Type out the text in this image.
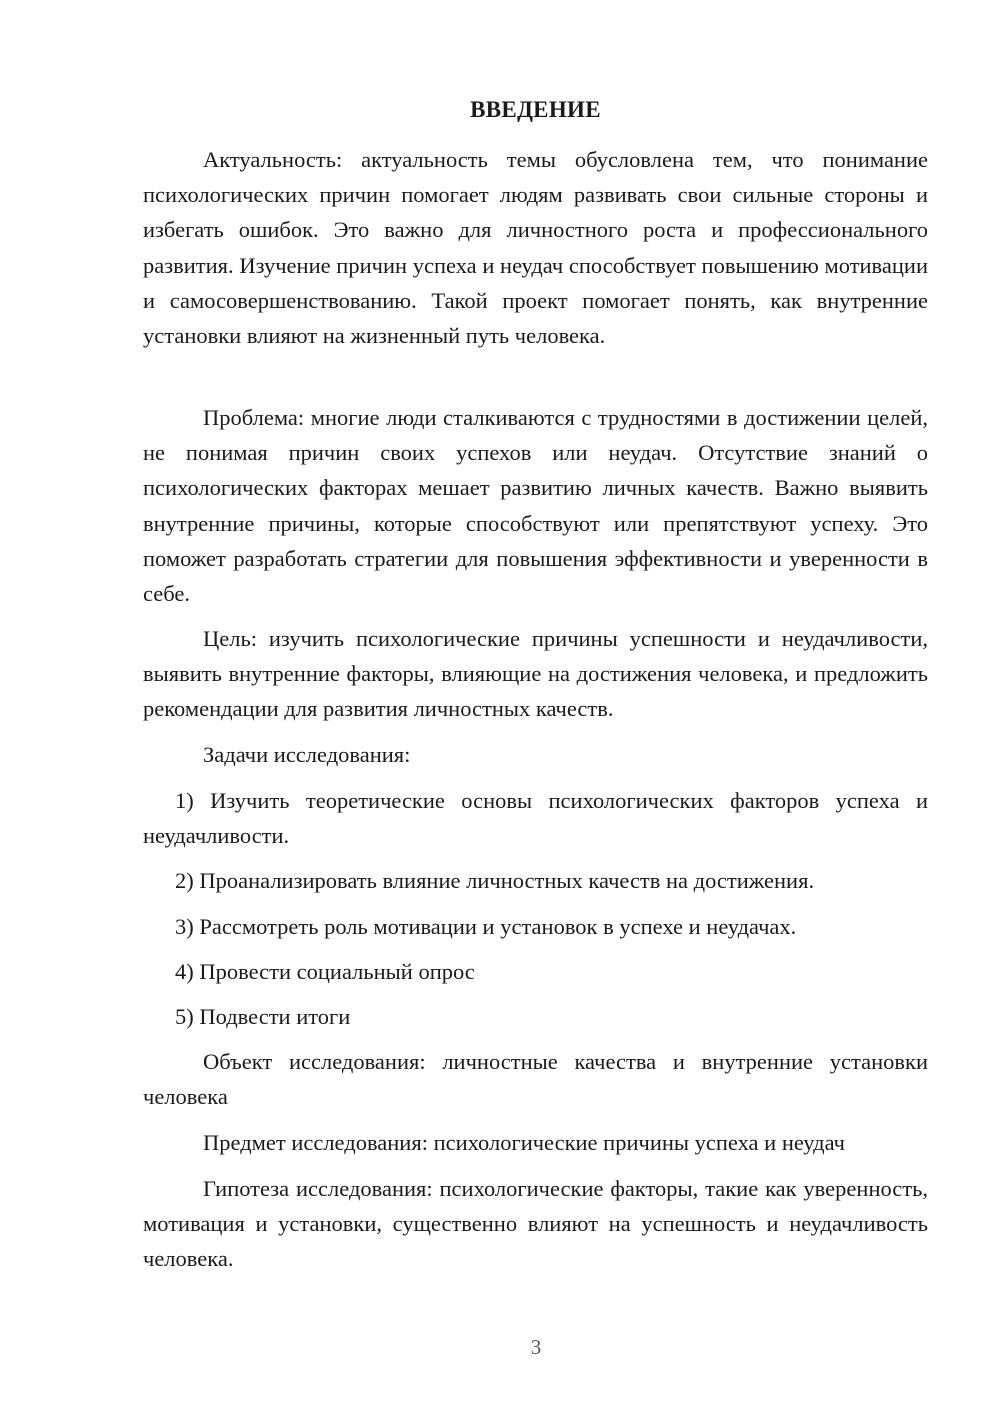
ВВЕДЕНИЕ

Актуальность: актуальность темы обусловлена тем, что понимание психологических причин помогает людям развивать свои сильные стороны и избегать ошибок. Это важно для личностного роста и профессионального развития. Изучение причин успеха и неудач способствует повышению мотивации и самосовершенствованию. Такой проект помогает понять, как внутренние установки влияют на жизненный путь человека.

Проблема: многие люди сталкиваются с трудностями в достижении целей, не понимая причин своих успехов или неудач. Отсутствие знаний о психологических факторах мешает развитию личных качеств. Важно выявить внутренние причины, которые способствуют или препятствуют успеху. Это поможет разработать стратегии для повышения эффективности и уверенности в себе.

Цель: изучить психологические причины успешности и неудачливости, выявить внутренние факторы, влияющие на достижения человека, и предложить рекомендации для развития личностных качеств.

Задачи исследования:

1) Изучить теоретические основы психологических факторов успеха и неудачливости.

2) Проанализировать влияние личностных качеств на достижения.

3) Рассмотреть роль мотивации и установок в успехе и неудачах.

4) Провести социальный опрос

5) Подвести итоги

Объект исследования: личностные качества и внутренние установки человека

Предмет исследования: психологические причины успеха и неудач

Гипотеза исследования: психологические факторы, такие как уверенность, мотивация и установки, существенно влияют на успешность и неудачливость человека.

3
